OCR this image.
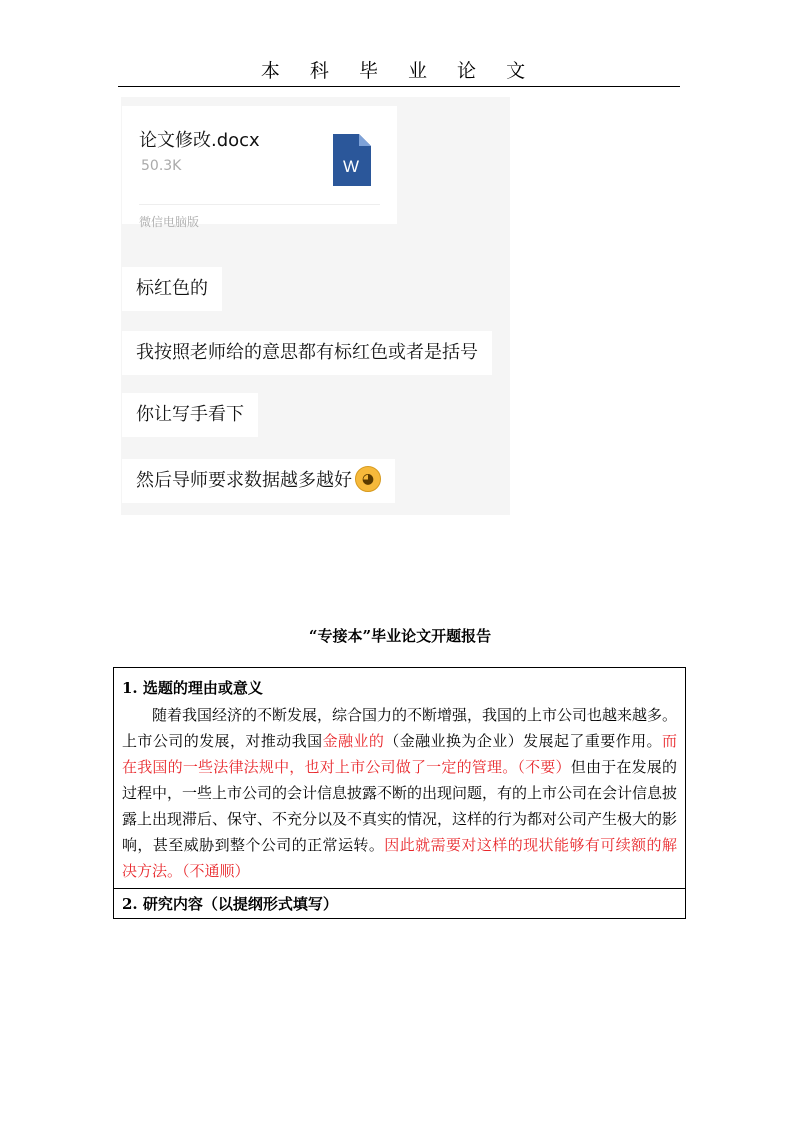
本 科 毕 业 论 文
论文修改.docx
50.3K
微信电脑版
W
标红色的
我按照老师给的意思都有标红色或者是括号
你让写手看下
然后导师要求数据越多越好 ◕
“专接本”毕业论文开题报告
1. 选题的理由或意义
随着我国经济的不断发展，综合国力的不断增强，我国的上市公司也越来越多。上市公司的发展，对推动我国金融业的（金融业换为企业）发展起了重要作用。而在我国的一些法律法规中，也对上市公司做了一定的管理。（不要）但由于在发展的过程中，一些上市公司的会计信息披露不断的出现问题，有的上市公司在会计信息披露上出现滞后、保守、不充分以及不真实的情况，这样的行为都对公司产生极大的影响，甚至威胁到整个公司的正常运转。因此就需要对这样的现状能够有可续额的解决方法。（不通顺）
2. 研究内容（以提纲形式填写）
